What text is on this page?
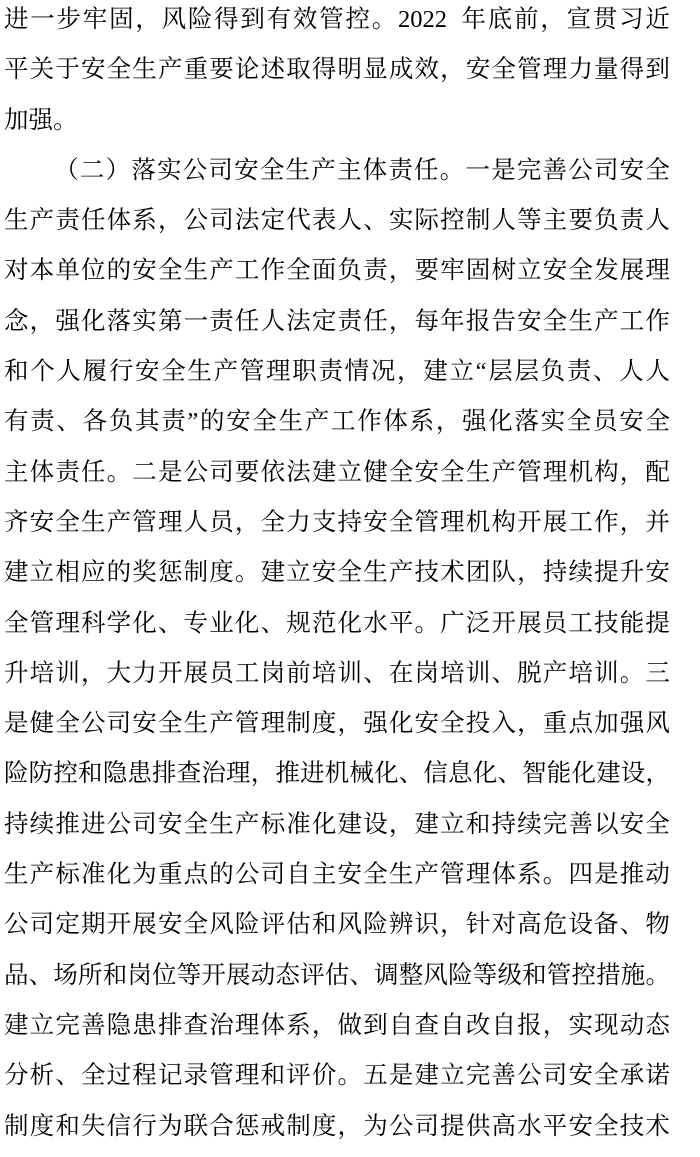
进 一 步 牢 固 ， 风 险 得 到 有 效 管 控 。 2022 年 底 前 ， 宣 贯 习 近
平 关 于 安 全 生 产 重 要 论 述 取 得 明 显 成 效 ， 安 全 管 理 力 量 得 到
加 强 。
（ 二 ） 落 实 公 司 安 全 生 产 主 体 责 任 。 一 是 完 善 公 司 安 全
生 产 责 任 体 系 ， 公 司 法 定 代 表 人 、 实 际 控 制 人 等 主 要 负 责 人
对 本 单 位 的 安 全 生 产 工 作 全 面 负 责 ， 要 牢 固 树 立 安 全 发 展 理
念 ， 强 化 落 实 第 一 责 任 人 法 定 责 任 ， 每 年 报 告 安 全 生 产 工 作
和 个 人 履 行 安 全 生 产 管 理 职 责 情 况 ， 建 立 “ 层 层 负 责 、 人 人
有 责 、 各 负 其 责 ” 的 安 全 生 产 工 作 体 系 ， 强 化 落 实 全 员 安 全
主 体 责 任 。 二 是 公 司 要 依 法 建 立 健 全 安 全 生 产 管 理 机 构 ， 配
齐 安 全 生 产 管 理 人 员 ， 全 力 支 持 安 全 管 理 机 构 开 展 工 作 ， 并
建 立 相 应 的 奖 惩 制 度 。 建 立 安 全 生 产 技 术 团 队 ， 持 续 提 升 安
全 管 理 科 学 化 、 专 业 化 、 规 范 化 水 平 。 广 泛 开 展 员 工 技 能 提
升 培 训 ， 大 力 开 展 员 工 岗 前 培 训 、 在 岗 培 训 、 脱 产 培 训 。 三
是 健 全 公 司 安 全 生 产 管 理 制 度 ， 强 化 安 全 投 入 ， 重 点 加 强 风
险 防 控 和 隐 患 排 查 治 理 ， 推 进 机 械 化 、 信 息 化 、 智 能 化 建 设 ，
持 续 推 进 公 司 安 全 生 产 标 准 化 建 设 ， 建 立 和 持 续 完 善 以 安 全
生 产 标 准 化 为 重 点 的 公 司 自 主 安 全 生 产 管 理 体 系 。 四 是 推 动
公 司 定 期 开 展 安 全 风 险 评 估 和 风 险 辨 识 ， 针 对 高 危 设 备 、 物
品 、 场 所 和 岗 位 等 开 展 动 态 评 估 、 调 整 风 险 等 级 和 管 控 措 施 。
建 立 完 善 隐 患 排 查 治 理 体 系 ， 做 到 自 查 自 改 自 报 ， 实 现 动 态
分 析 、 全 过 程 记 录 管 理 和 评 价 。 五 是 建 立 完 善 公 司 安 全 承 诺
制 度 和 失 信 行 为 联 合 惩 戒 制 度 ， 为 公 司 提 供 高 水 平 安 全 技 术
